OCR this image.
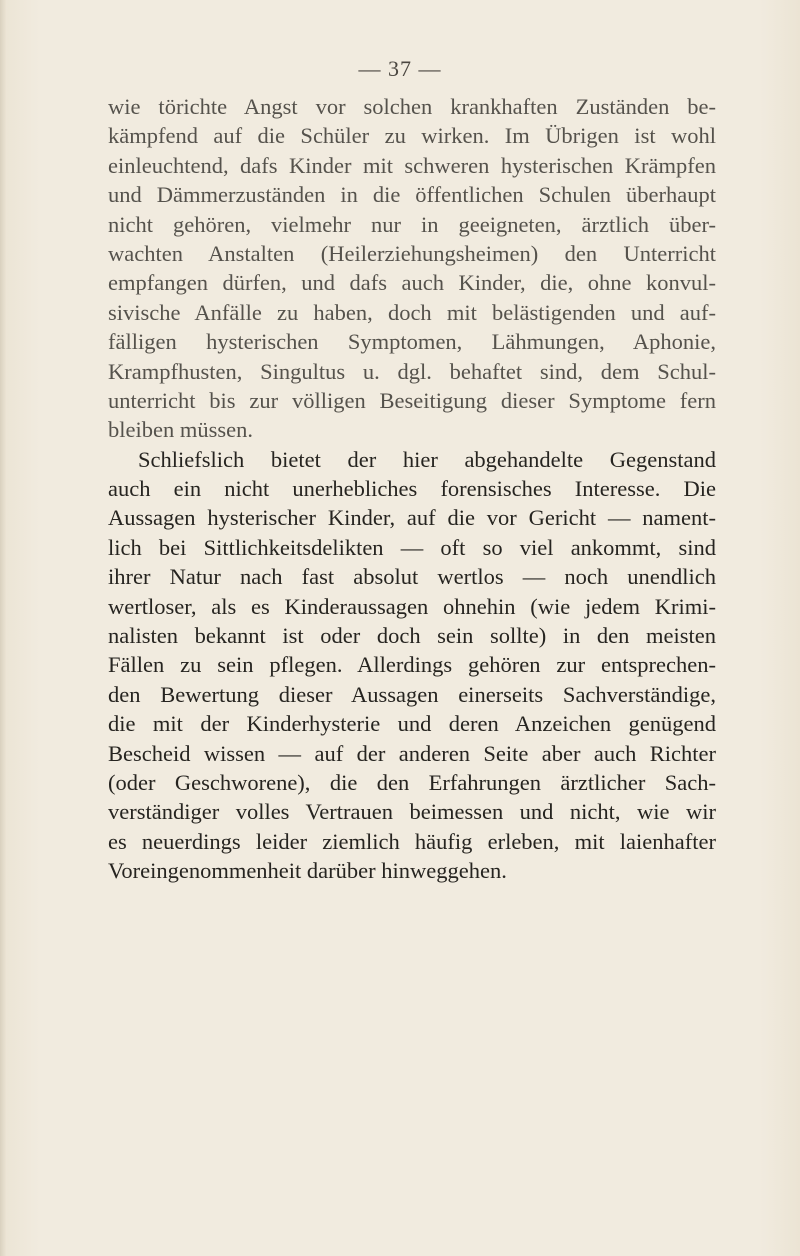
— 37 —
wie törichte Angst vor solchen krankhaften Zuständen be-
kämpfend auf die Schüler zu wirken. Im Übrigen ist wohl
einleuchtend, dafs Kinder mit schweren hysterischen Krämpfen
und Dämmerzuständen in die öffentlichen Schulen überhaupt
nicht gehören, vielmehr nur in geeigneten, ärztlich über-
wachten Anstalten (Heilerziehungsheimen) den Unterricht
empfangen dürfen, und dafs auch Kinder, die, ohne konvul-
sivische Anfälle zu haben, doch mit belästigenden und auf-
fälligen hysterischen Symptomen, Lähmungen, Aphonie,
Krampfhusten, Singultus u. dgl. behaftet sind, dem Schul-
unterricht bis zur völligen Beseitigung dieser Symptome fern
bleiben müssen.
Schliefslich bietet der hier abgehandelte Gegenstand
auch ein nicht unerhebliches forensisches Interesse. Die
Aussagen hysterischer Kinder, auf die vor Gericht — nament-
lich bei Sittlichkeitsdelikten — oft so viel ankommt, sind
ihrer Natur nach fast absolut wertlos — noch unendlich
wertloser, als es Kinderaussagen ohnehin (wie jedem Krimi-
nalisten bekannt ist oder doch sein sollte) in den meisten
Fällen zu sein pflegen. Allerdings gehören zur entsprechen-
den Bewertung dieser Aussagen einerseits Sachverständige,
die mit der Kinderhysterie und deren Anzeichen genügend
Bescheid wissen — auf der anderen Seite aber auch Richter
(oder Geschworene), die den Erfahrungen ärztlicher Sach-
verständiger volles Vertrauen beimessen und nicht, wie wir
es neuerdings leider ziemlich häufig erleben, mit laienhafter
Voreingenommenheit darüber hinweggehen.
